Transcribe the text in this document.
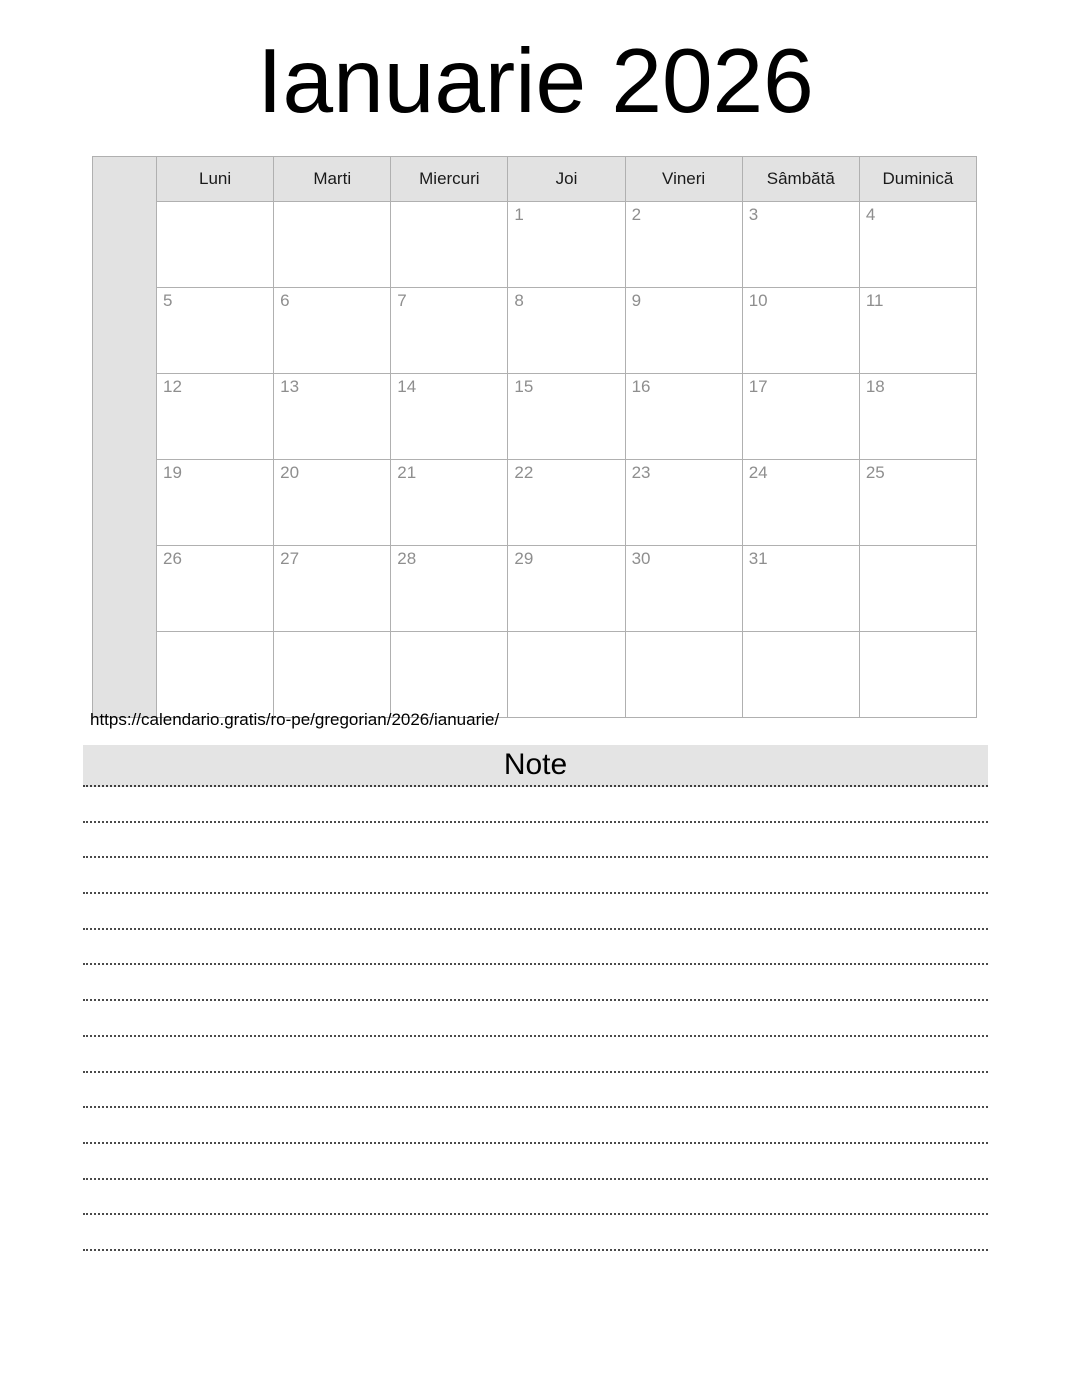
Ianuarie 2026
	Luni	Marti	Miercuri	Joi	Vineri	Sâmbătă	Duminică

				1	2	3	4

	5	6	7	8	9	10	11

	12	13	14	15	16	17	18

	19	20	21	22	23	24	25

	26	27	28	29	30	31	

https://calendario.gratis/ro-pe/gregorian/2026/ianuarie/
Note
